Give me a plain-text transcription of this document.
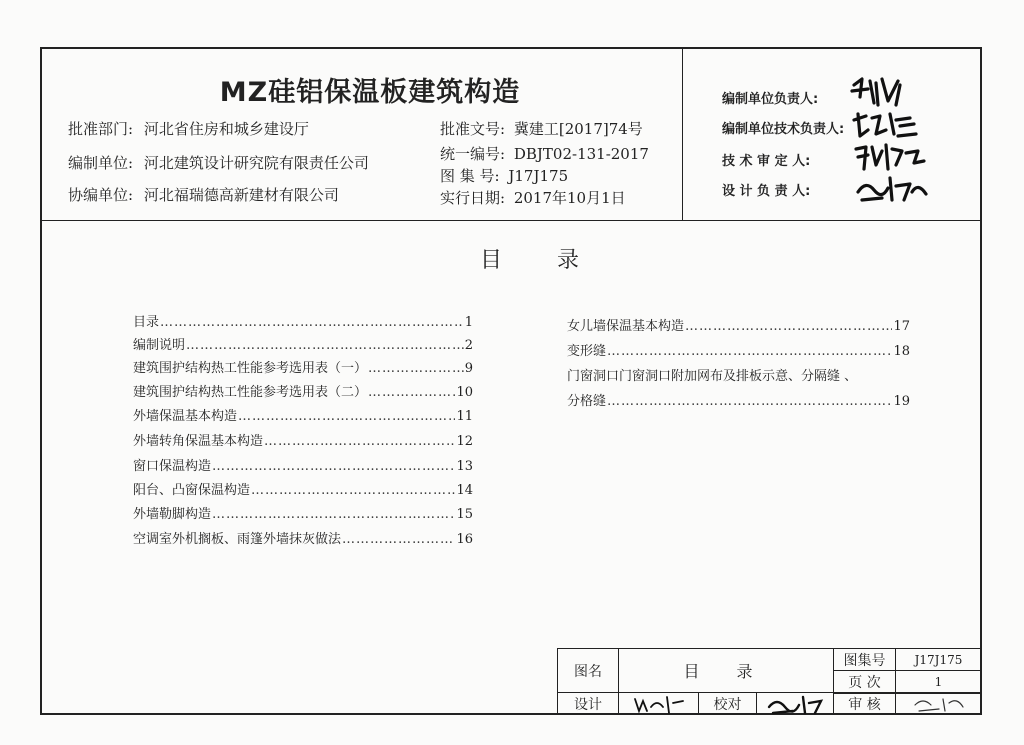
MZ硅铝保温板建筑构造
批准部门: 河北省住房和城乡建设厅
编制单位: 河北建筑设计研究院有限责任公司
协编单位: 河北福瑞德高新建材有限公司
批准文号: 冀建工[2017]74号
统一编号: DBJT02-131-2017
图 集 号: J17J175
实行日期: 2017年10月1日
编制单位负责人:
编制单位技术负责人:
技 术 审 定 人:
设 计 负 责 人:
目 录
目录 …………………………………………………………………………………………………………	1
编制说明 …………………………………………………………………………………………………………	2
建筑围护结构热工性能参考选用表（一） …………………………………………………………………………………………………………	9
建筑围护结构热工性能参考选用表（二） …………………………………………………………………………………………………………	10
外墙保温基本构造 …………………………………………………………………………………………………………	11
外墙转角保温基本构造 …………………………………………………………………………………………………………	12
窗口保温构造 …………………………………………………………………………………………………………	13
阳台、凸窗保温构造 …………………………………………………………………………………………………………	14
外墙勒脚构造 …………………………………………………………………………………………………………	15
空调室外机搁板、雨篷外墙抹灰做法 …………………………………………………………………………………………………………	16
女儿墙保温基本构造 …………………………………………………………………………………………………………	17
变形缝 …………………………………………………………………………………………………………	18
门窗洞口门窗洞口附加网布及排板示意、分隔缝 、
分格缝 …………………………………………………………………………………………………………	19
图名	目 录
图集号	J17J175
页 次	1
设计	校对	审 核
